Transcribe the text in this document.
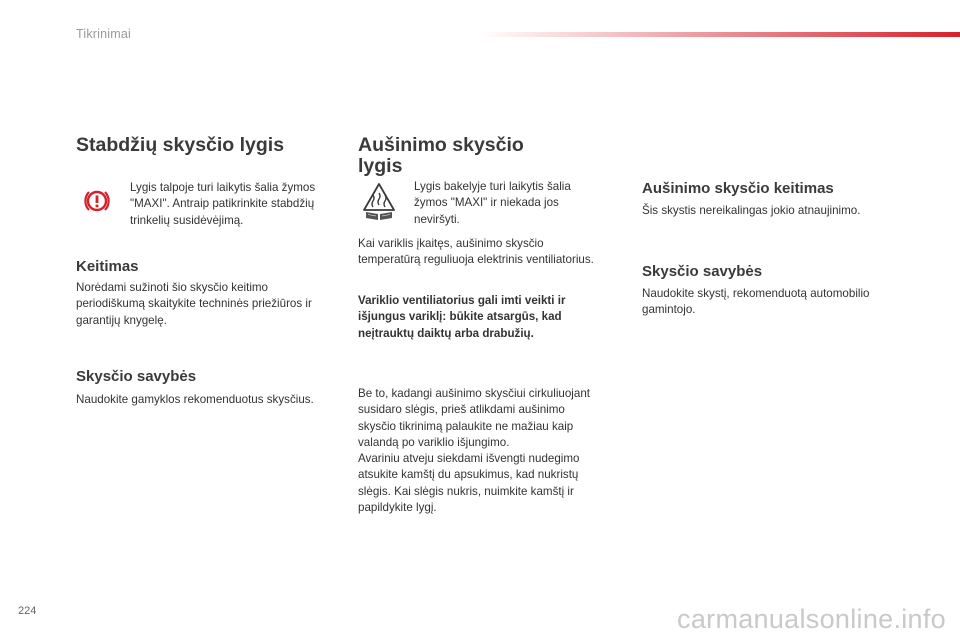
Tikrinimai
Stabdžių skysčio lygis

Lygis talpoje turi laikytis šalia žymos
"MAXI". Antraip patikrinkite stabdžių
trinkelių susidėvėjimą.

Keitimas

Norėdami sužinoti šio skysčio keitimo
periodiškumą skaitykite techninės priežiūros ir
garantijų knygelę.

Skysčio savybės

Naudokite gamyklos rekomenduotus skysčius.

Aušinimo skysčio
lygis

Lygis bakelyje turi laikytis šalia
žymos "MAXI" ir niekada jos
neviršyti.

Kai variklis įkaitęs, aušinimo skysčio
temperatūrą reguliuoja elektrinis ventiliatorius.

Variklio ventiliatorius gali imti veikti ir
išjungus variklį: būkite atsargūs, kad
neįtrauktų daiktų arba drabužių.

Be to, kadangi aušinimo skysčiui cirkuliuojant
susidaro slėgis, prieš atlikdami aušinimo
skysčio tikrinimą palaukite ne mažiau kaip
valandą po variklio išjungimo.
Avariniu atveju siekdami išvengti nudegimo
atsukite kamštį du apsukimus, kad nukristų
slėgis. Kai slėgis nukris, nuimkite kamštį ir
papildykite lygį.

Aušinimo skysčio keitimas

Šis skystis nereikalingas jokio atnaujinimo.

Skysčio savybės

Naudokite skystį, rekomenduotą automobilio
gamintojo.

224	carmanualsonline.info
